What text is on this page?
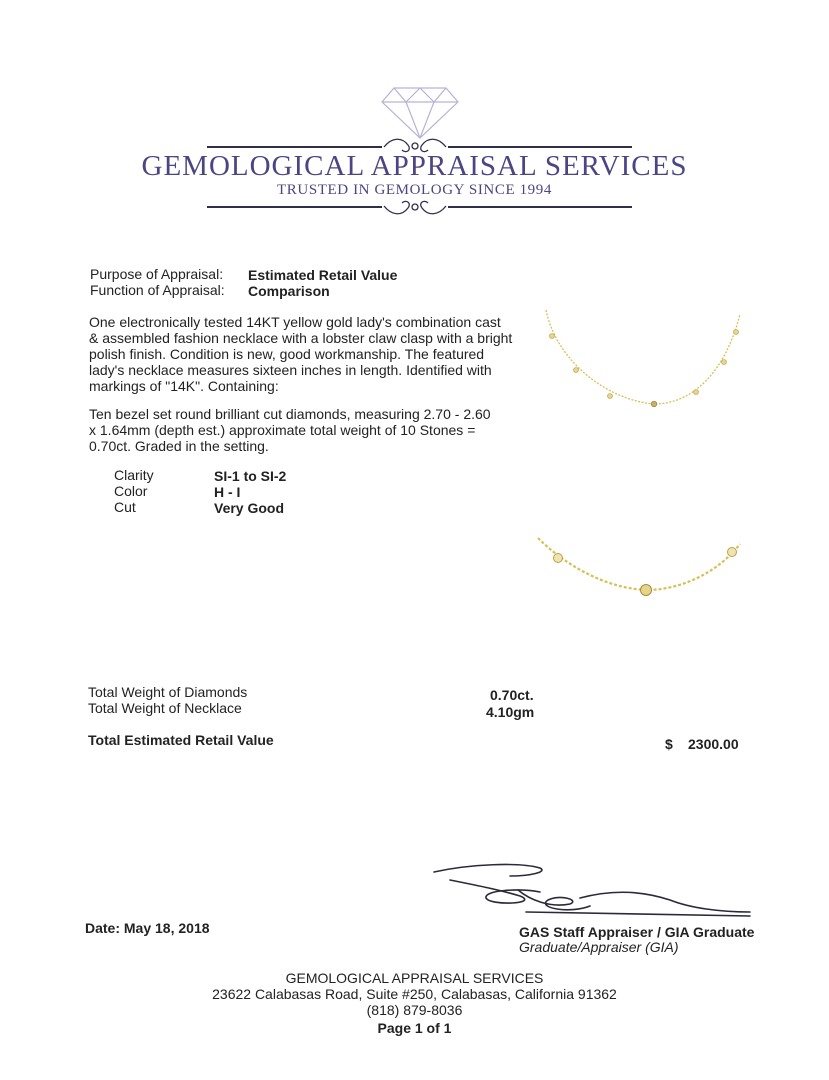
GEMOLOGICAL APPRAISAL SERVICES
TRUSTED IN GEMOLOGY SINCE 1994
Purpose of Appraisal: Estimated Retail Value
Function of Appraisal: Comparison
One electronically tested 14KT yellow gold lady's combination cast
& assembled fashion necklace with a lobster claw clasp with a bright
polish finish. Condition is new, good workmanship. The featured
lady's necklace measures sixteen inches in length. Identified with
markings of "14K". Containing:
Ten bezel set round brilliant cut diamonds, measuring 2.70 - 2.60
x 1.64mm (depth est.) approximate total weight of 10 Stones =
0.70ct. Graded in the setting.
Clarity	SI-1 to SI-2
Color	H - I
Cut	Very Good
Total Weight of Diamonds	0.70ct.
Total Weight of Necklace	4.10gm
Total Estimated Retail Value	$ 2300.00
Date: May 18, 2018	GAS Staff Appraiser / GIA Graduate
Graduate/Appraiser (GIA)
GEMOLOGICAL APPRAISAL SERVICES
23622 Calabasas Road, Suite #250, Calabasas, California 91362
(818) 879-8036
Page 1 of 1
